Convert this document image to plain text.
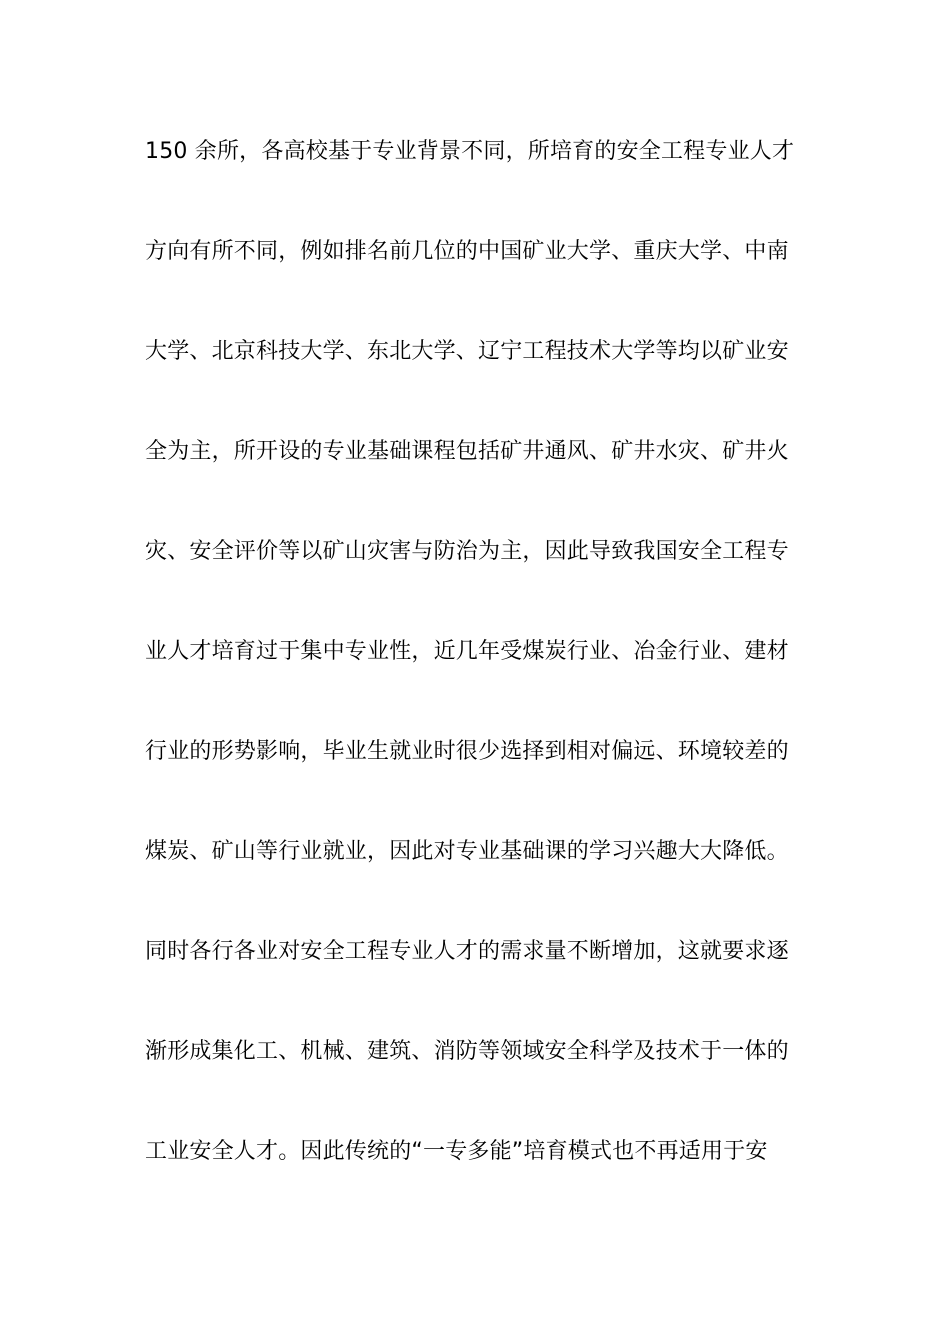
150 余所，各高校基于专业背景不同，所培育的安全工程专业人才
方向有所不同，例如排名前几位的中国矿业大学、重庆大学、中南
大学、北京科技大学、东北大学、辽宁工程技术大学等均以矿业安
全为主，所开设的专业基础课程包括矿井通风、矿井水灾、矿井火
灾、安全评价等以矿山灾害与防治为主，因此导致我国安全工程专
业人才培育过于集中专业性，近几年受煤炭行业、冶金行业、建材
行业的形势影响，毕业生就业时很少选择到相对偏远、环境较差的
煤炭、矿山等行业就业，因此对专业基础课的学习兴趣大大降低。
同时各行各业对安全工程专业人才的需求量不断增加，这就要求逐
渐形成集化工、机械、建筑、消防等领域安全科学及技术于一体的
工业安全人才。因此传统的“一专多能”培育模式也不再适用于安
